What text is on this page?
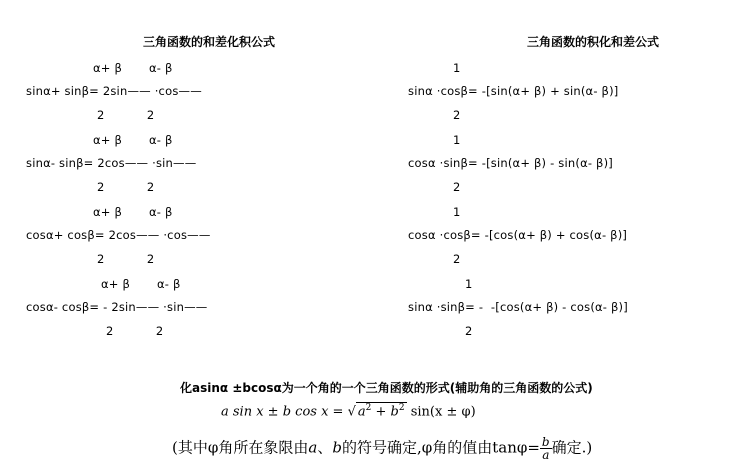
三角函数的和差化积公式	三角函数的积化和差公式
α+ β       α- β
sinα+ sinβ= 2sin—— ·cos——
2           2
α+ β       α- β
sinα- sinβ= 2cos—— ·sin——
2           2
α+ β       α- β
cosα+ cosβ= 2cos—— ·cos——
2           2
α+ β       α- β
cosα- cosβ= - 2sin—— ·sin——
2           2
1
sinα ·cosβ= -[sin(α+ β) + sin(α- β)]
2
1
cosα ·sinβ= -[sin(α+ β) - sin(α- β)]
2
1
cosα ·cosβ= -[cos(α+ β) + cos(α- β)]
2
1
sinα ·sinβ= -  -[cos(α+ β) - cos(α- β)]
2
化asinα ±bcosα为一个角的一个三角函数的形式(辅助角的三角函数的公式)
a sin x ± b cos x = √ $a^2 + b^2$ sin(x ± φ)
(其中φ角所在象限由a、b的符号确定,φ角的值由$\tan\varphi= \frac{b}{a}$ 确定.)
